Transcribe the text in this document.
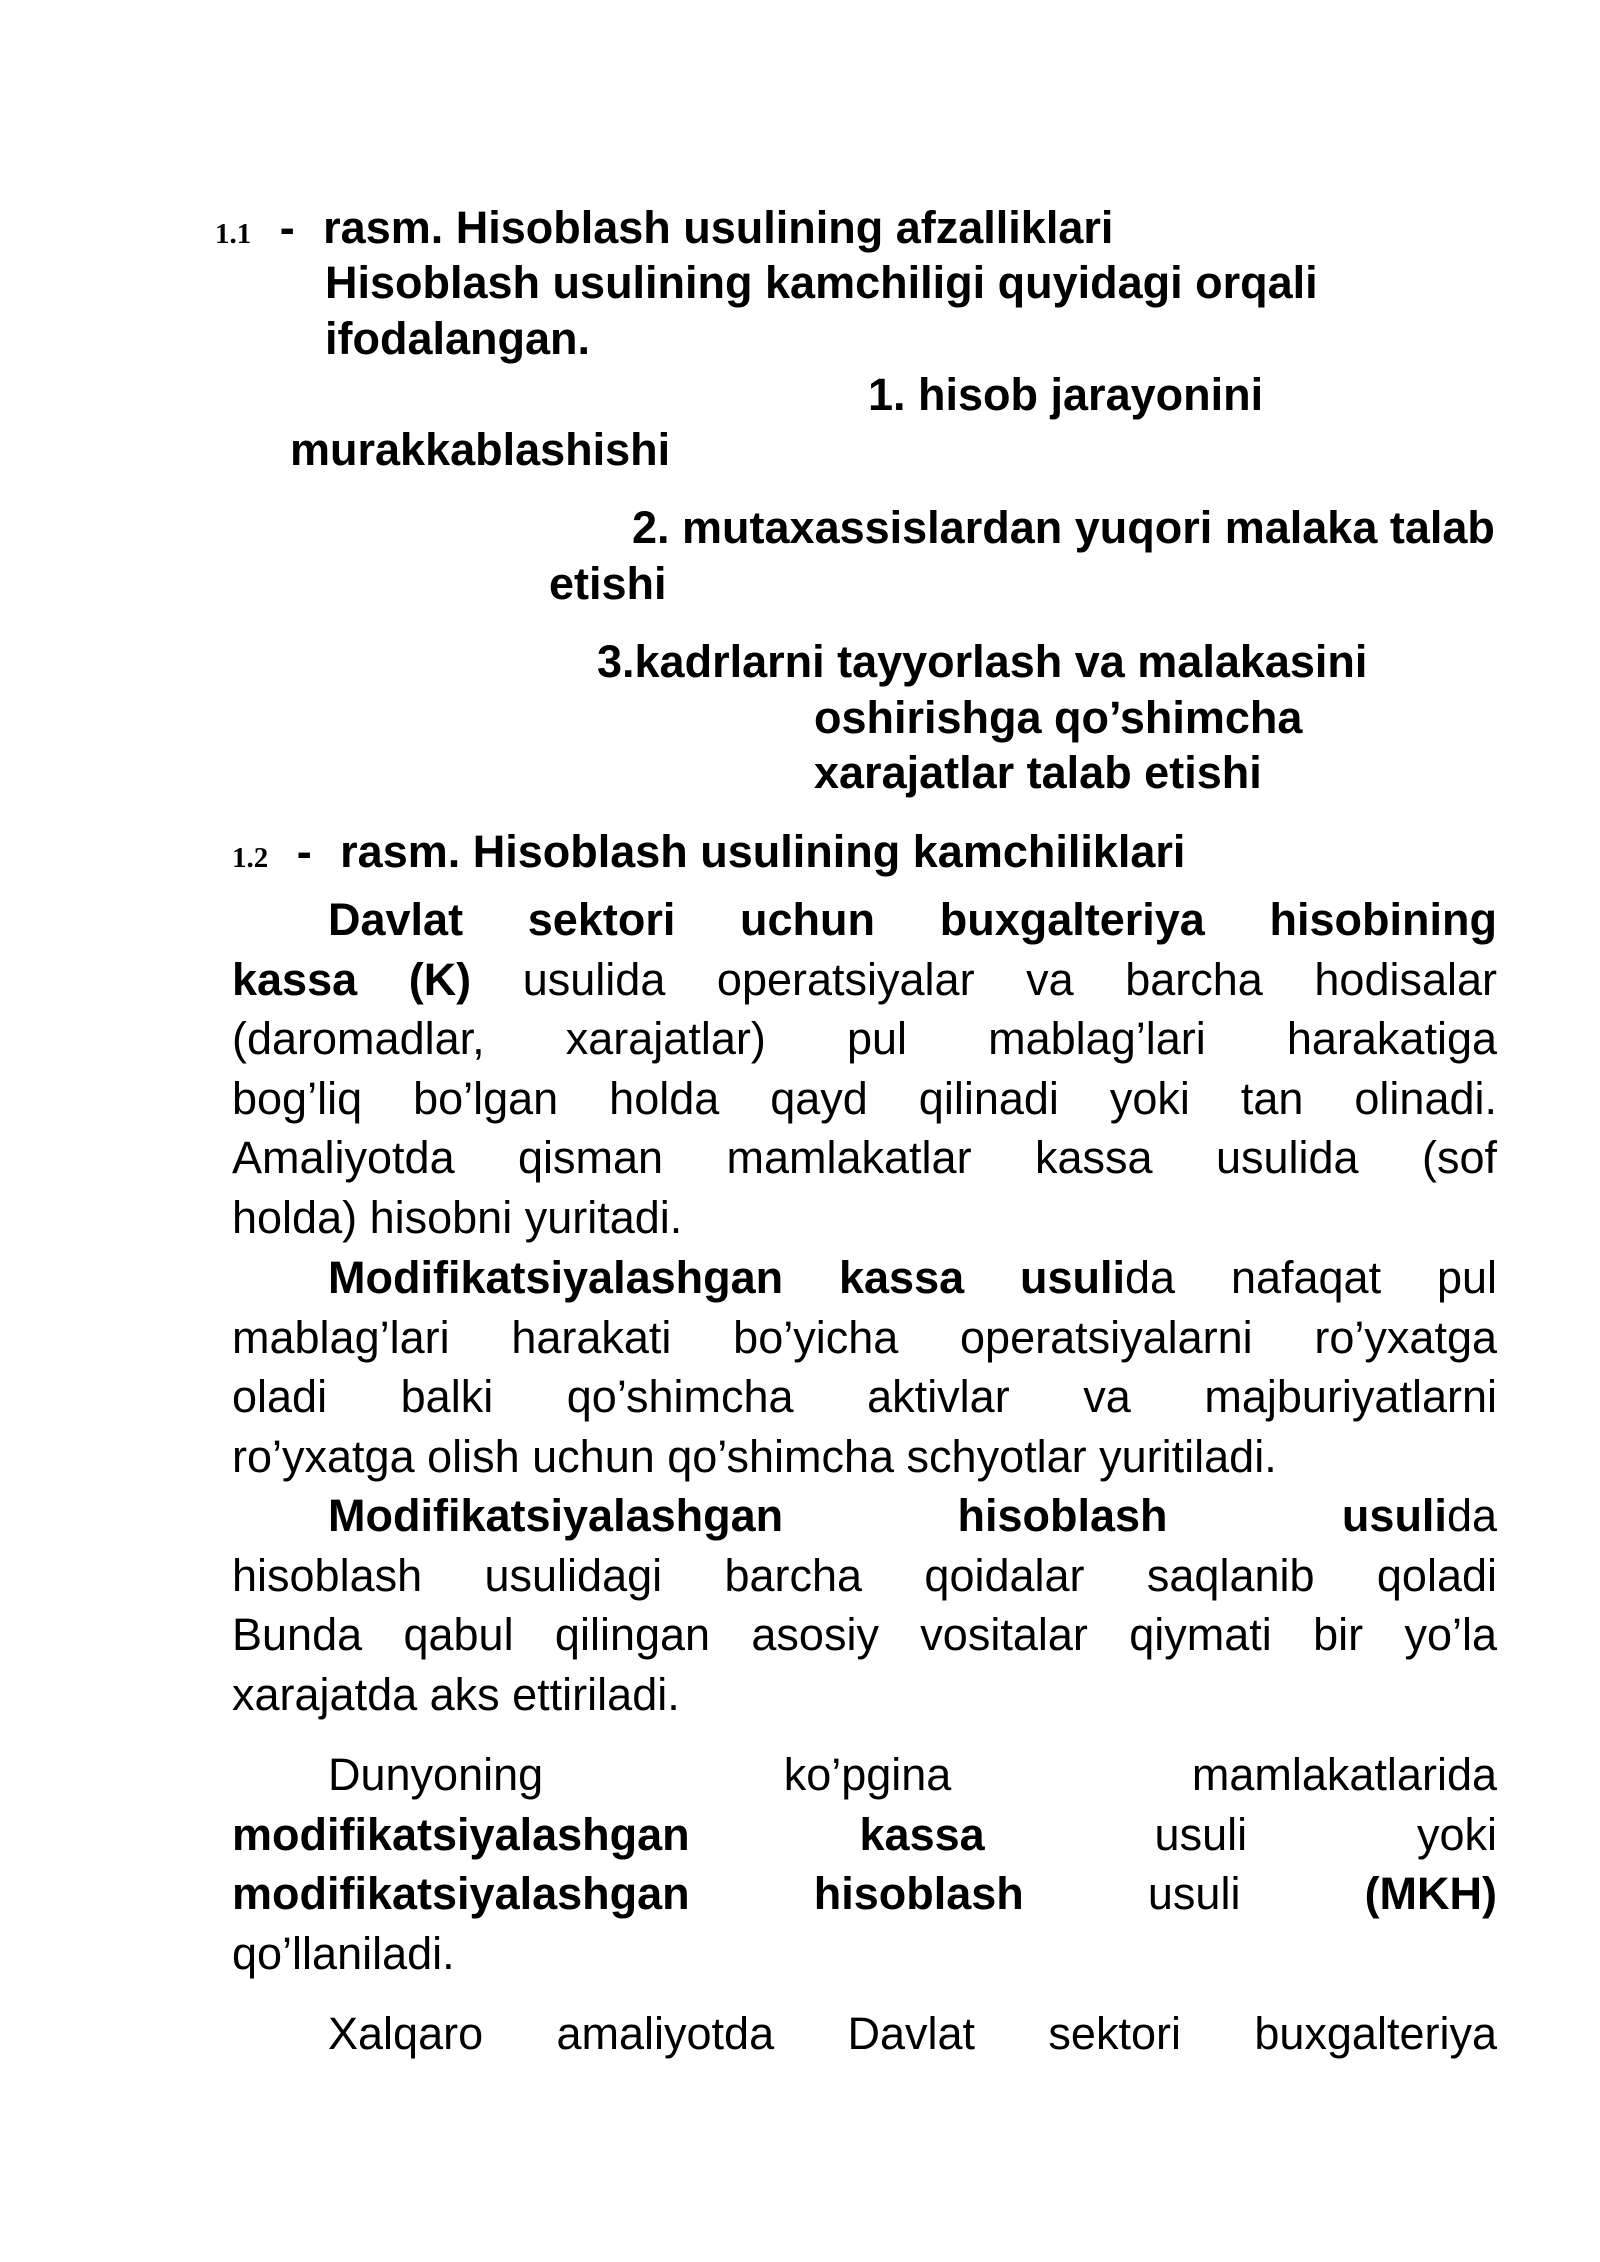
1.1 - rasm. Hisoblash usulining afzalliklari
Hisoblash usulining kamchiligi quyidagi orqali
ifodalangan.
1. hisob jarayonini
murakkablashishi
2. mutaxassislardan yuqori malaka talab
etishi
3.kadrlarni tayyorlash va malakasini
oshirishga qo’shimcha
xarajatlar talab etishi
1.2 - rasm. Hisoblash usulining kamchiliklari
Davlat sektori uchun buxgalteriya hisobining
kassa (K) usulida operatsiyalar va barcha hodisalar
(daromadlar, xarajatlar) pul mablag’lari harakatiga
bog’liq bo’lgan holda qayd qilinadi yoki tan olinadi.
Amaliyotda qisman mamlakatlar kassa usulida (sof
holda) hisobni yuritadi.
Modifikatsiyalashgan kassa usulida nafaqat pul
mablag’lari harakati bo’yicha operatsiyalarni ro’yxatga
oladi balki qo’shimcha aktivlar va majburiyatlarni
ro’yxatga olish uchun qo’shimcha schyotlar yuritiladi.
Modifikatsiyalashgan hisoblash usulida
hisoblash usulidagi barcha qoidalar saqlanib qoladi
Bunda qabul qilingan asosiy vositalar qiymati bir yo’la
xarajatda aks ettiriladi.
Dunyoning ko’pgina mamlakatlarida
modifikatsiyalashgan kassa usuli yoki
modifikatsiyalashgan hisoblash usuli (MKH)
qo’llaniladi.
Xalqaro amaliyotda Davlat sektori buxgalteriya
